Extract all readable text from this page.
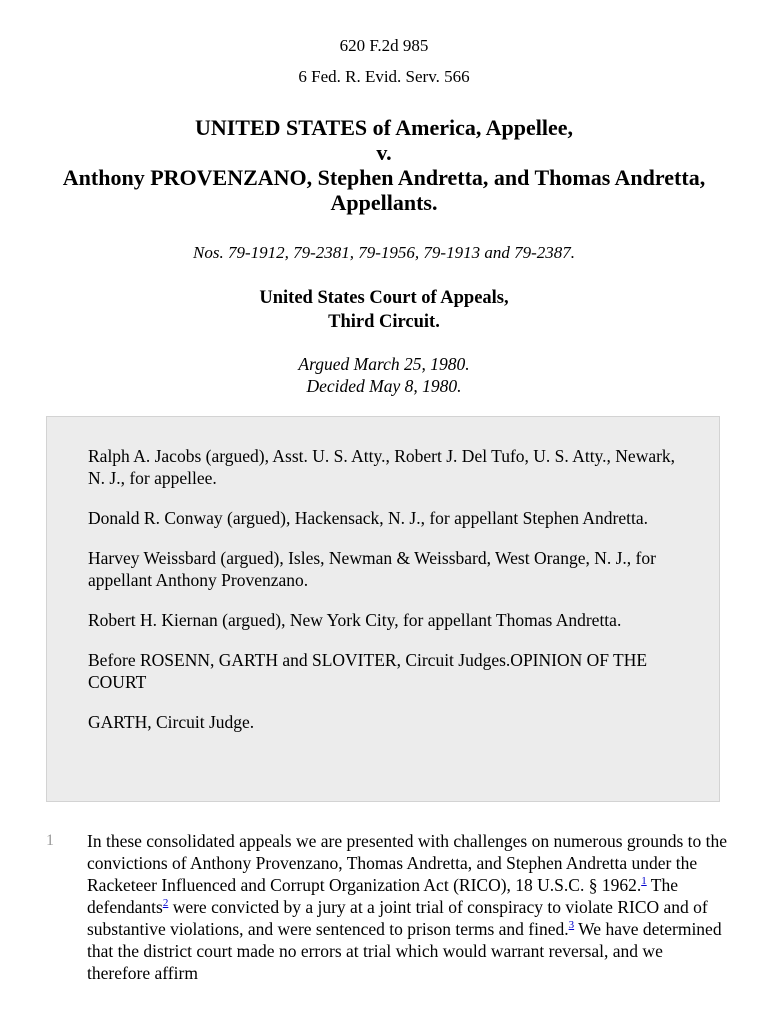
620 F.2d 985
6 Fed. R. Evid. Serv. 566
UNITED STATES of America, Appellee,
v.
Anthony PROVENZANO, Stephen Andretta, and Thomas Andretta, Appellants.
Nos. 79-1912, 79-2381, 79-1956, 79-1913 and 79-2387.
United States Court of Appeals,
Third Circuit.
Argued March 25, 1980.
Decided May 8, 1980.

Ralph A. Jacobs (argued), Asst. U. S. Atty., Robert J. Del Tufo, U. S. Atty., Newark, N. J., for appellee.

Donald R. Conway (argued), Hackensack, N. J., for appellant Stephen Andretta.

Harvey Weissbard (argued), Isles, Newman & Weissbard, West Orange, N. J., for appellant Anthony Provenzano.

Robert H. Kiernan (argued), New York City, for appellant Thomas Andretta.

Before ROSENN, GARTH and SLOVITER, Circuit Judges.OPINION OF THE COURT

GARTH, Circuit Judge.

1 In these consolidated appeals we are presented with challenges on numerous grounds to the convictions of Anthony Provenzano, Thomas Andretta, and Stephen Andretta under the Racketeer Influenced and Corrupt Organization Act (RICO), 18 U.S.C. § 1962.$^1$ The defendants$^2$ were convicted by a jury at a joint trial of conspiracy to violate RICO and of substantive violations, and were sentenced to prison terms and fined.$^3$ We have determined that the district court made no errors at trial which would warrant reversal, and we therefore affirm
